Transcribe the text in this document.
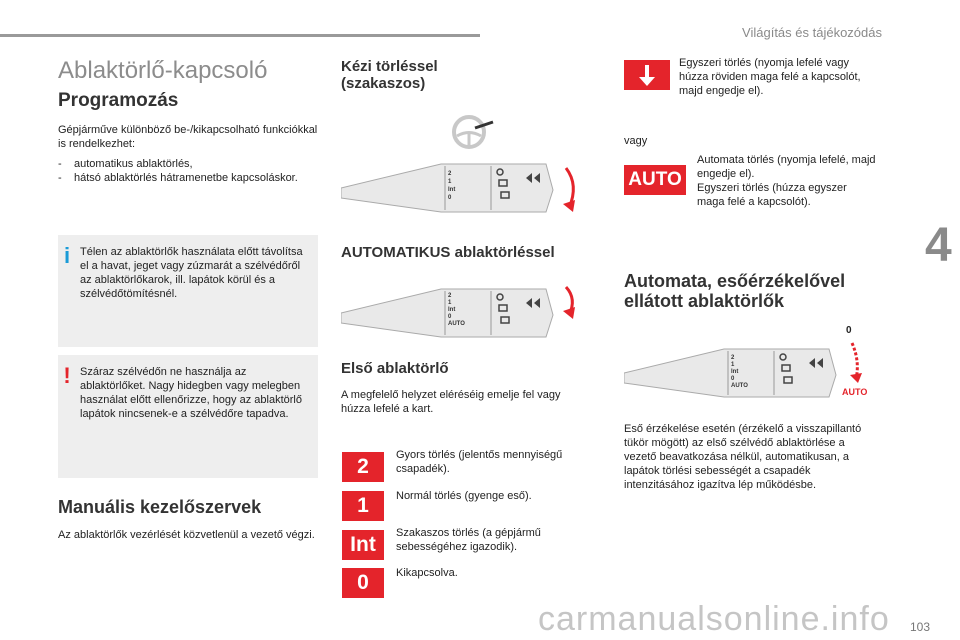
Világítás és tájékozódás
4
Ablaktörlő-kapcsoló
Programozás

Gépjárműve különböző be-/kikapcsolható funkciókkal is rendelkezhet:

- automatikus ablaktörlés,
- hátsó ablaktörlés hátramenetbe kapcsoláskor.
i Télen az ablaktörlők használata előtt távolítsa el a havat, jeget vagy zúzmarát a szélvédőről az ablaktörlőkarok, ill. lapátok körül és a szélvédőtömítésnél.
! Száraz szélvédőn ne használja az ablaktörlőket. Nagy hidegben vagy melegben használat előtt ellenőrizze, hogy az ablaktörlő lapátok nincsenek-e a szélvédőre tapadva.
Manuális kezelőszervek

Az ablaktörlők vezérlését közvetlenül a vezető végzi.

Kézi törléssel (szakaszos)
2
1
Int
0
AUTOMATIKUS ablaktörléssel
2
1
Int
0
AUTO
Első ablaktörlő

A megfelelő helyzet eléréséig emelje fel vagy húzza lefelé a kart.

2	Gyors törlés (jelentős mennyiségű csapadék).

1	Normál törlés (gyenge eső).

Int	Szakaszos törlés (a gépjármű sebességéhez igazodik).

0	Kikapcsolva.

Egyszeri törlés (nyomja lefelé vagy húzza röviden maga felé a kapcsolót, majd engedje el).

vagy

AUTO

Automata törlés (nyomja lefelé, majd engedje el).

Egyszeri törlés (húzza egyszer maga felé a kapcsolót).

Automata, esőérzékelővel ellátott ablaktörlők
0
AUTO
2
1
Int
0
AUTO

Eső érzékelése esetén (érzékelő a visszapillantó tükör mögött) az első szélvédő ablaktörlése a vezető beavatkozása nélkül, automatikusan, a lapátok törlési sebességét a csapadék intenzitásához igazítva lép működésbe.

carmanualsonline.info 103
